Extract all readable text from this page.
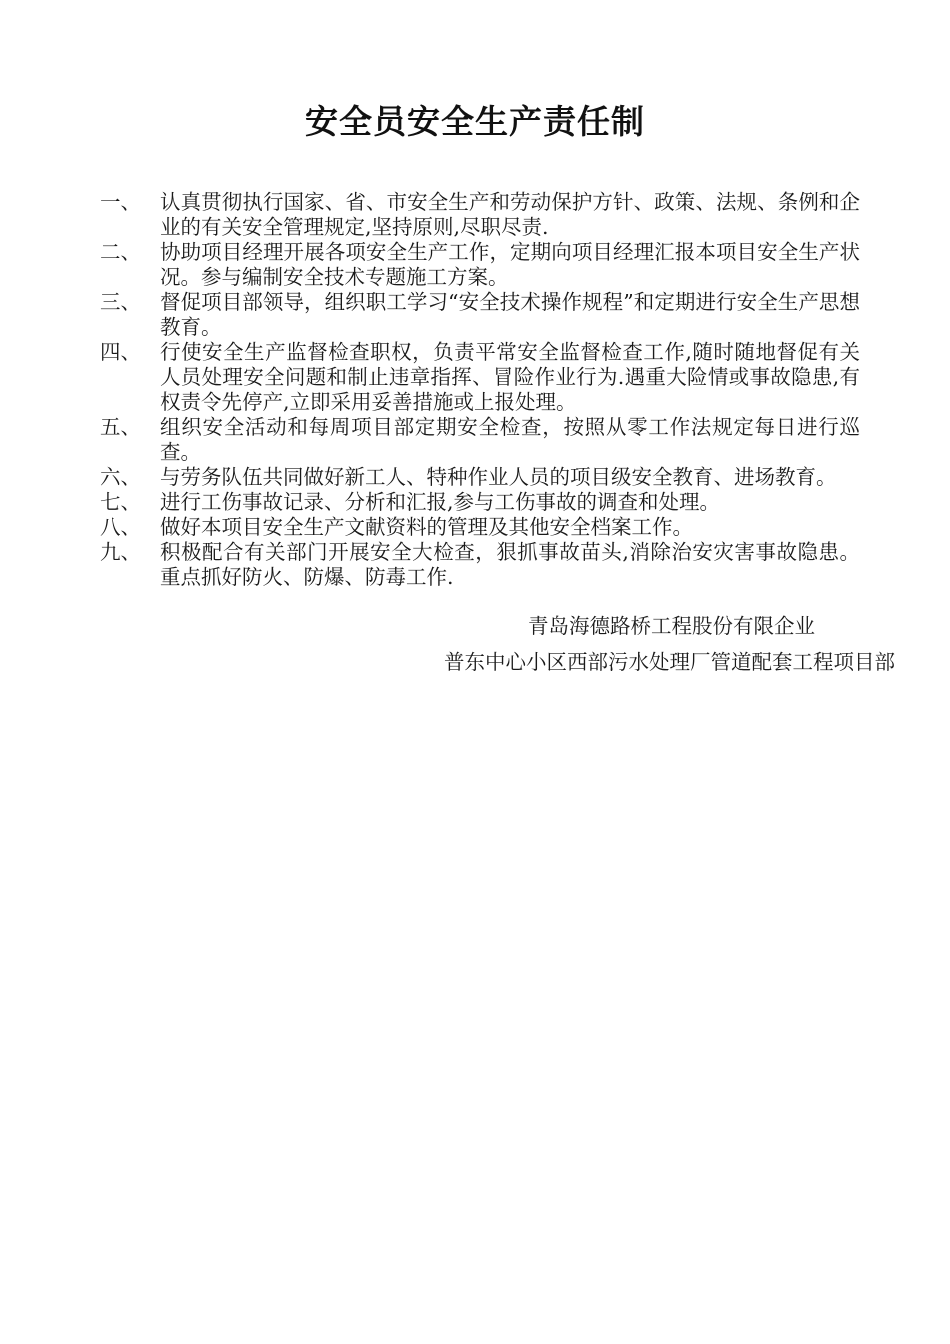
安全员安全生产责任制
一、 认真贯彻执行国家、省、市安全生产和劳动保护方针、政策、法规、条例和企业的有关安全管理规定,坚持原则,尽职尽责.
二、 协助项目经理开展各项安全生产工作，定期向项目经理汇报本项目安全生产状况。参与编制安全技术专题施工方案。
三、 督促项目部领导，组织职工学习“安全技术操作规程”和定期进行安全生产思想教育。
四、 行使安全生产监督检查职权，负责平常安全监督检查工作,随时随地督促有关人员处理安全问题和制止违章指挥、冒险作业行为.遇重大险情或事故隐患,有权责令先停产,立即采用妥善措施或上报处理。
五、 组织安全活动和每周项目部定期安全检查，按照从零工作法规定每日进行巡查。
六、 与劳务队伍共同做好新工人、特种作业人员的项目级安全教育、进场教育。
七、 进行工伤事故记录、分析和汇报,参与工伤事故的调查和处理。
八、 做好本项目安全生产文献资料的管理及其他安全档案工作。
九、 积极配合有关部门开展安全大检查，狠抓事故苗头,消除治安灾害事故隐患。重点抓好防火、防爆、防毒工作.
青岛海德路桥工程股份有限企业
普东中心小区西部污水处理厂管道配套工程项目部
